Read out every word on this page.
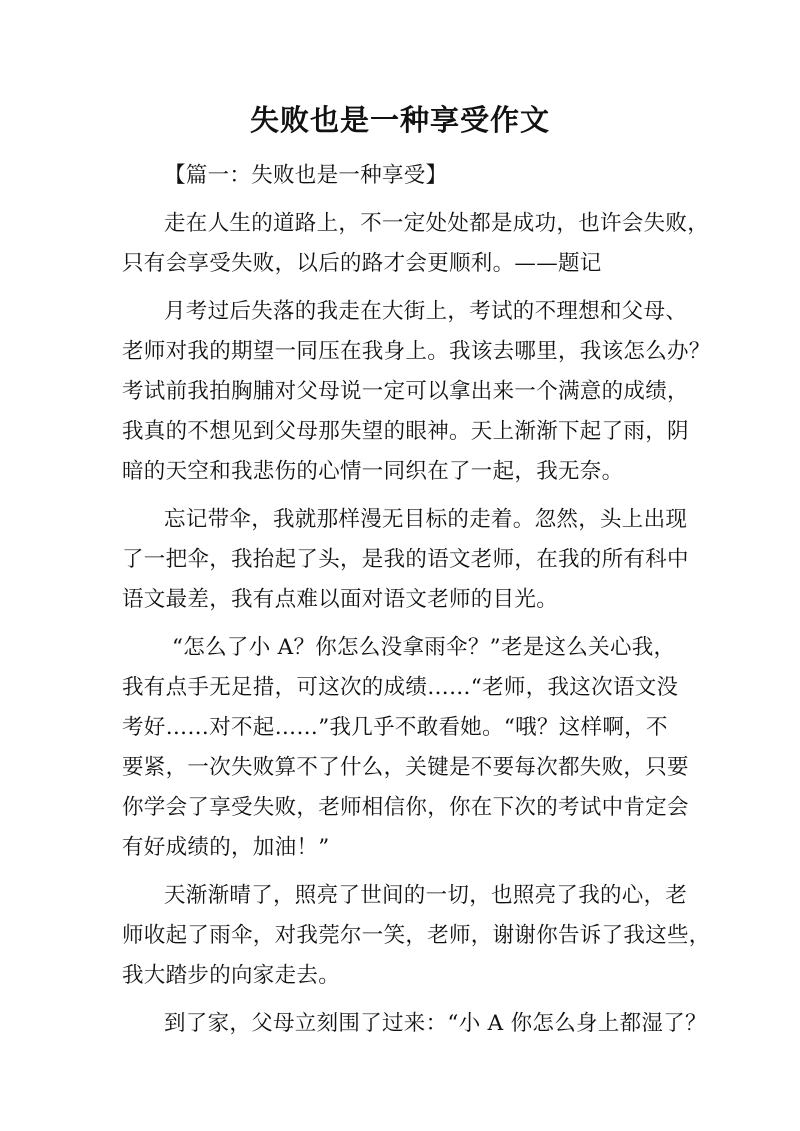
失败也是一种享受作文
【篇一：失败也是一种享受】
走在人生的道路上，不一定处处都是成功，也许会失败，
只有会享受失败，以后的路才会更顺利。——题记
月考过后失落的我走在大街上，考试的不理想和父母、
老师对我的期望一同压在我身上。我该去哪里，我该怎么办？
考试前我拍胸脯对父母说一定可以拿出来一个满意的成绩，
我真的不想见到父母那失望的眼神。天上渐渐下起了雨，阴
暗的天空和我悲伤的心情一同织在了一起，我无奈。
忘记带伞，我就那样漫无目标的走着。忽然，头上出现
了一把伞，我抬起了头，是我的语文老师，在我的所有科中
语文最差，我有点难以面对语文老师的目光。
“怎么了小 A？你怎么没拿雨伞？”老是这么关心我，
我有点手无足措，可这次的成绩……“老师，我这次语文没
考好……对不起……”我几乎不敢看她。“哦？这样啊，不
要紧，一次失败算不了什么，关键是不要每次都失败，只要
你学会了享受失败，老师相信你，你在下次的考试中肯定会
有好成绩的，加油！”
天渐渐晴了，照亮了世间的一切，也照亮了我的心，老
师收起了雨伞，对我莞尔一笑，老师，谢谢你告诉了我这些，
我大踏步的向家走去。
到了家，父母立刻围了过来：“小 A 你怎么身上都湿了？
